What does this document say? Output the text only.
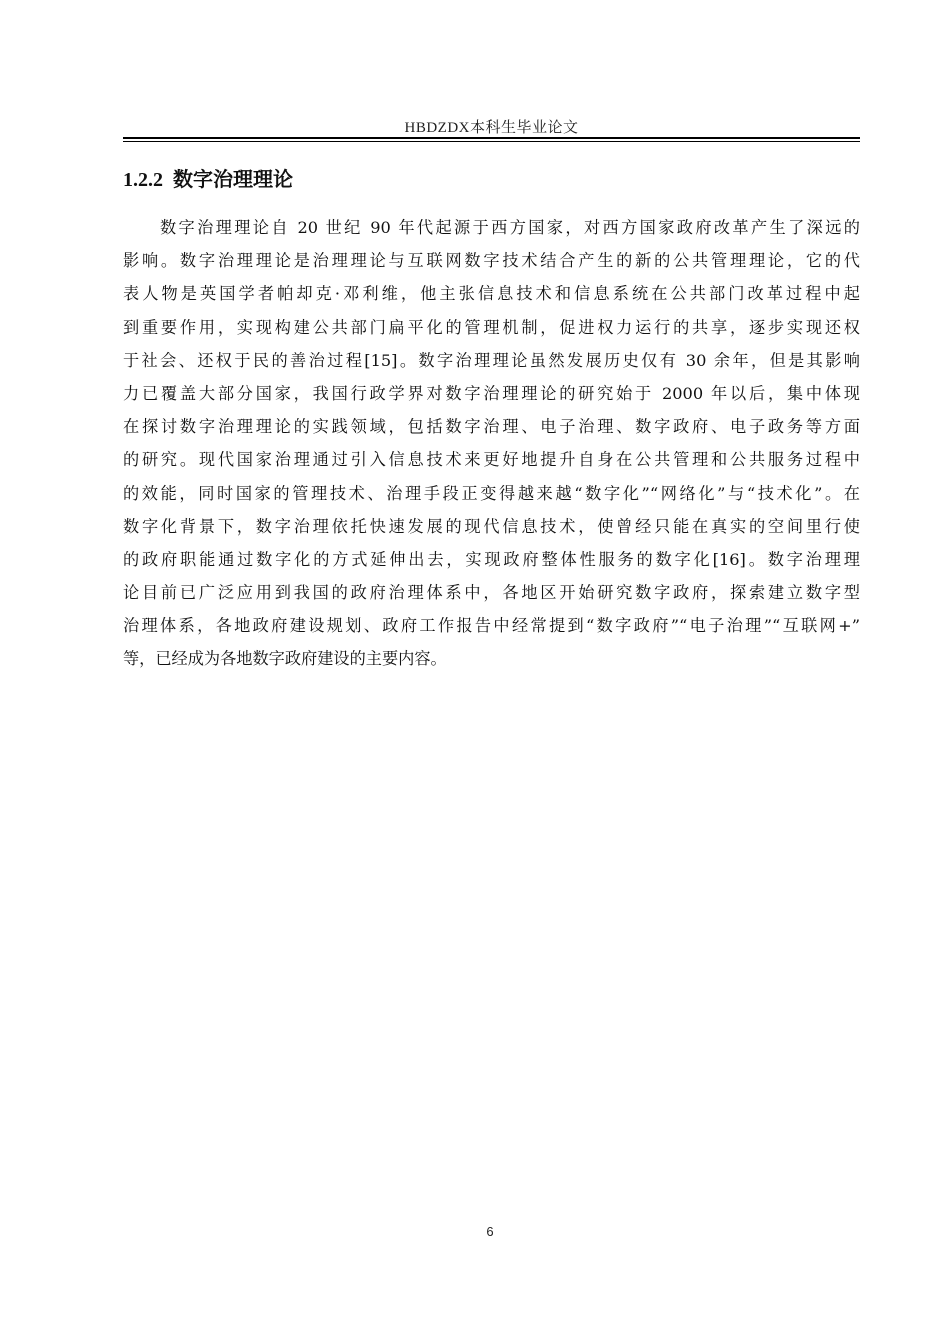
HBDZDX本科生毕业论文
1.2.2 数字治理理论
数字治理理论自 20 世纪 90 年代起源于西方国家，对西方国家政府改革产生了深远的
影响。数字治理理论是治理理论与互联网数字技术结合产生的新的公共管理理论，它的代
表人物是英国学者帕却克·邓利维，他主张信息技术和信息系统在公共部门改革过程中起
到重要作用，实现构建公共部门扁平化的管理机制，促进权力运行的共享，逐步实现还权
于社会、还权于民的善治过程[15]。数字治理理论虽然发展历史仅有 30 余年，但是其影响
力已覆盖大部分国家，我国行政学界对数字治理理论的研究始于 2000 年以后，集中体现
在探讨数字治理理论的实践领域，包括数字治理、电子治理、数字政府、电子政务等方面
的研究。现代国家治理通过引入信息技术来更好地提升自身在公共管理和公共服务过程中
的效能，同时国家的管理技术、治理手段正变得越来越“数字化”“网络化”与“技术化”。在
数字化背景下，数字治理依托快速发展的现代信息技术，使曾经只能在真实的空间里行使
的政府职能通过数字化的方式延伸出去，实现政府整体性服务的数字化[16]。数字治理理
论目前已广泛应用到我国的政府治理体系中，各地区开始研究数字政府，探索建立数字型
治理体系，各地政府建设规划、政府工作报告中经常提到“数字政府”“电子治理”“互联网+”
等，已经成为各地数字政府建设的主要内容。
6
